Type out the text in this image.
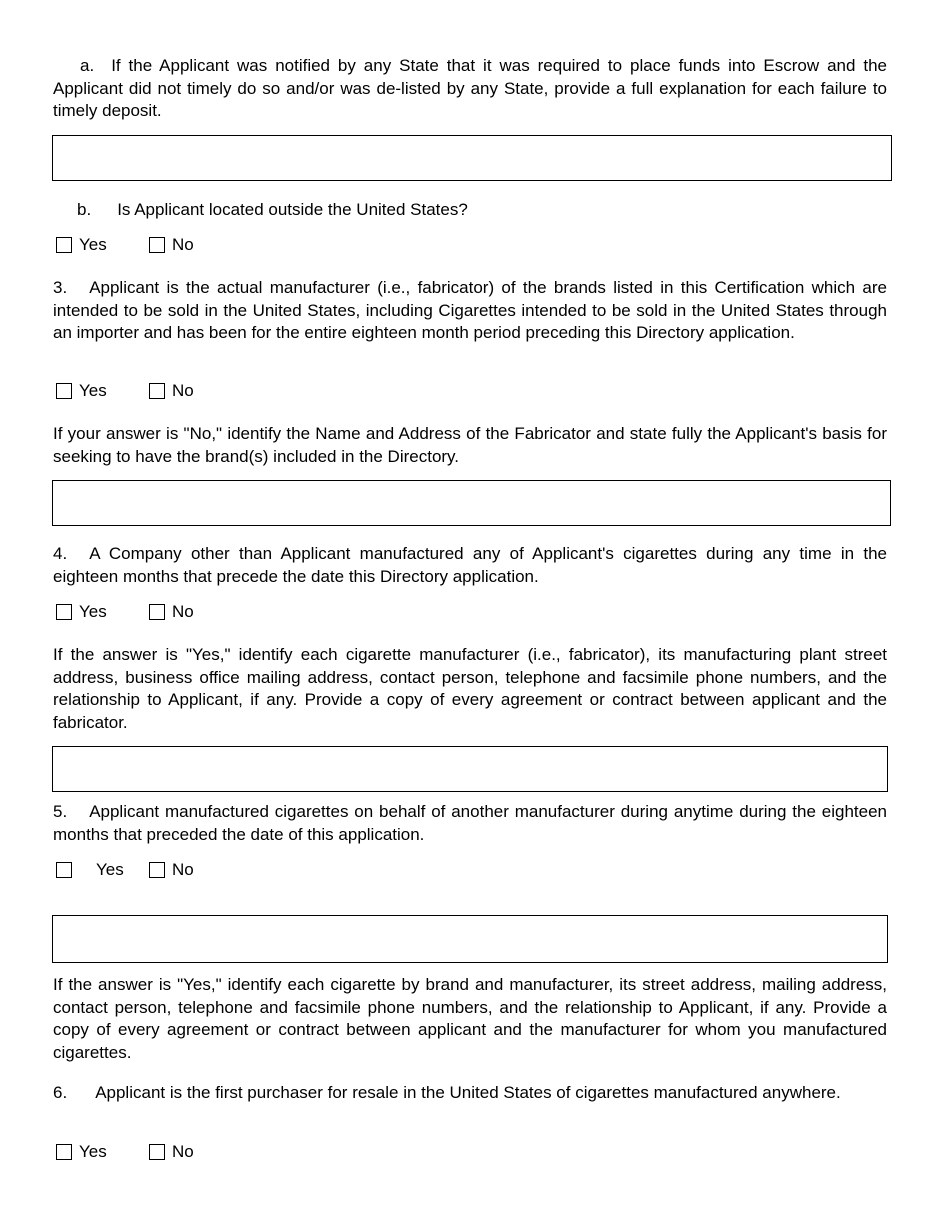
a. If the Applicant was notified by any State that it was required to place funds into Escrow and the Applicant did not timely do so and/or was de-listed by any State, provide a full explanation for each failure to timely deposit.

b. Is Applicant located outside the United States?

Yes	No

3. Applicant is the actual manufacturer (i.e., fabricator) of the brands listed in this Certification which are intended to be sold in the United States, including Cigarettes intended to be sold in the United States through an importer and has been for the entire eighteen month period preceding this Directory application.

Yes	No

If your answer is "No," identify the Name and Address of the Fabricator and state fully the Applicant's basis for seeking to have the brand(s) included in the Directory.

4. A Company other than Applicant manufactured any of Applicant's cigarettes during any time in the eighteen months that precede the date this Directory application.

Yes	No

If the answer is "Yes," identify each cigarette manufacturer (i.e., fabricator), its manufacturing plant street address, business office mailing address, contact person, telephone and facsimile phone numbers, and the relationship to Applicant, if any. Provide a copy of every agreement or contract between applicant and the fabricator.

5. Applicant manufactured cigarettes on behalf of another manufacturer during anytime during the eighteen months that preceded the date of this application.

Yes	No

If the answer is "Yes," identify each cigarette by brand and manufacturer, its street address, mailing address, contact person, telephone and facsimile phone numbers, and the relationship to Applicant, if any. Provide a copy of every agreement or contract between applicant and the manufacturer for whom you manufactured cigarettes.

6. Applicant is the first purchaser for resale in the United States of cigarettes manufactured anywhere.

Yes	No
